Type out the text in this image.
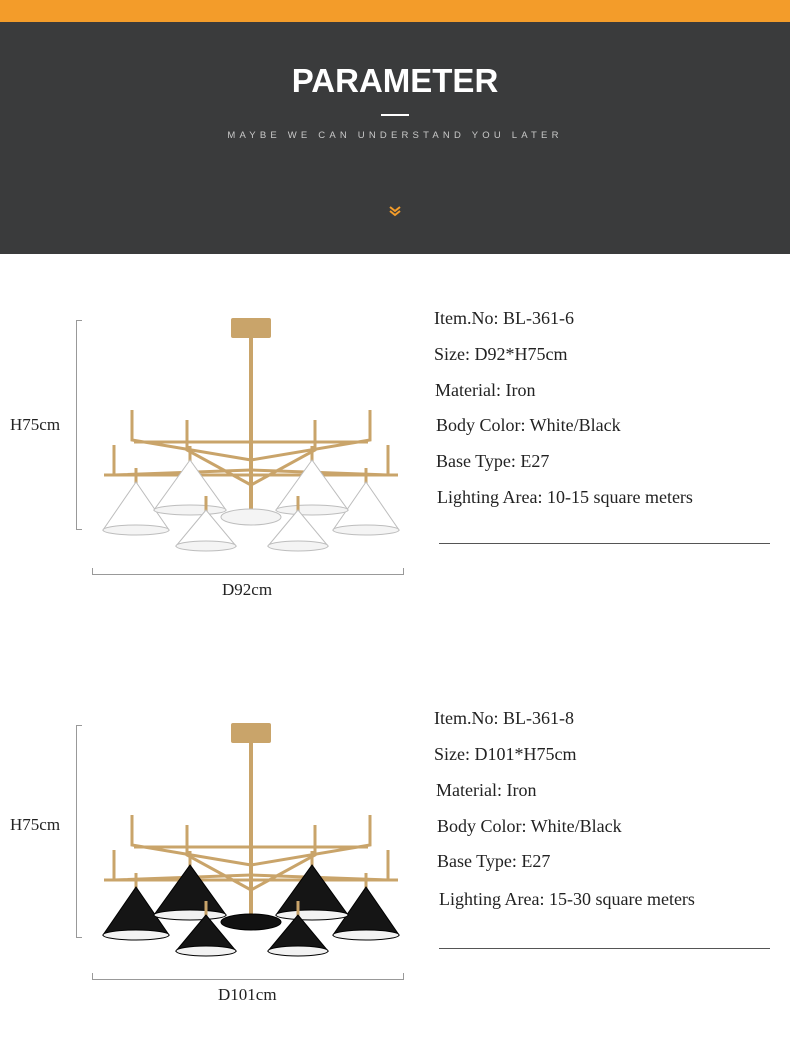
PARAMETER
MAYBE WE CAN UNDERSTAND YOU LATER
H75cm
D92cm
Item.No: BL-361-6
Size: D92*H75cm
Material: Iron
Body Color: White/Black
Base Type: E27
Lighting Area: 10-15 square meters
H75cm
D101cm
Item.No: BL-361-8
Size: D101*H75cm
Material: Iron
Body Color: White/Black
Base Type: E27
Lighting Area: 15-30 square meters
